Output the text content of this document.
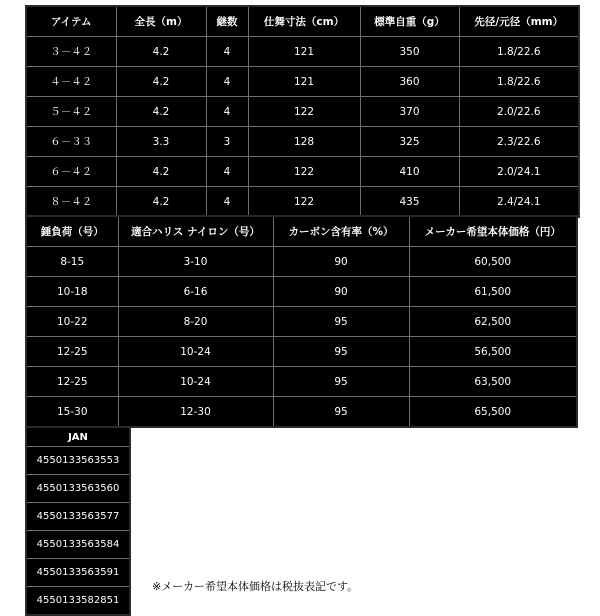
アイテム	全長（m）	継数	仕舞寸法（cm）	標準自重（g）	先径/元径（mm）
３－４２	4.2	4	121	350	1.8/22.6
４－４２	4.2	4	121	360	1.8/22.6
５－４２	4.2	4	122	370	2.0/22.6
６－３３	3.3	3	128	325	2.3/22.6
６－４２	4.2	4	122	410	2.0/24.1
８－４２	4.2	4	122	435	2.4/24.1
錘負荷（号）	適合ハリス ナイロン（号）	カーボン含有率（%）	メーカー希望本体価格（円）
8-15	3-10	90	60,500
10-18	6-16	90	61,500
10-22	8-20	95	62,500
12-25	10-24	95	56,500
12-25	10-24	95	63,500
15-30	12-30	95	65,500
JAN
4550133563553
4550133563560
4550133563577
4550133563584
4550133563591
4550133582851
※メーカー希望本体価格は税抜表記です。
